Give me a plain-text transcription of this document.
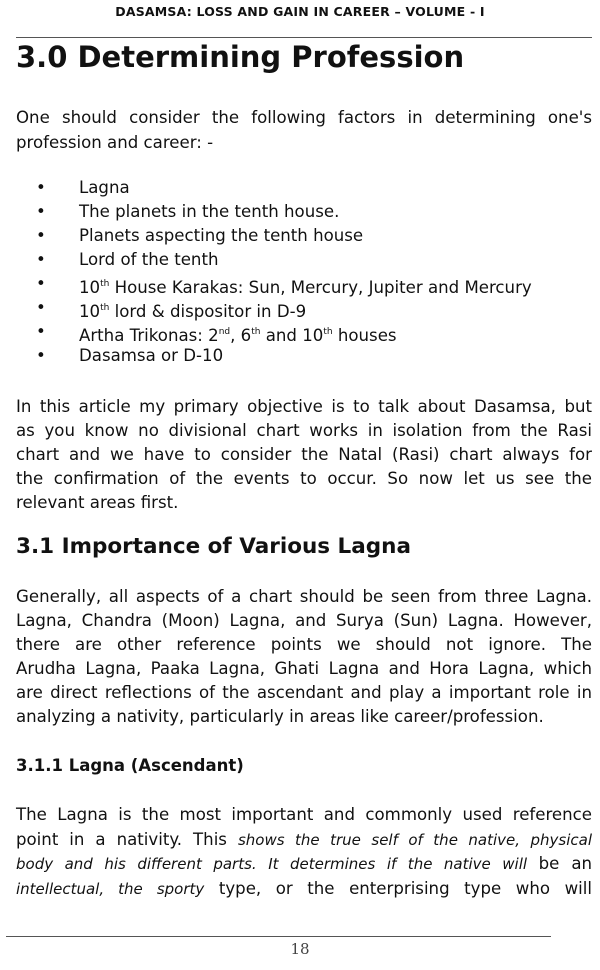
DASAMSA: LOSS AND GAIN IN CAREER – VOLUME - I
3.0 Determining Profession
3.1 Importance of Various Lagna
3.1.1 Lagna (Ascendant)
One should consider the following factors in determining one's
profession and career: -
• Lagna
• The planets in the tenth house.
• Planets aspecting the tenth house
• Lord of the tenth
• 10th House Karakas: Sun, Mercury, Jupiter and Mercury
• 10th lord & dispositor in D-9
• Artha Trikonas: 2nd, 6th and 10th houses
• Dasamsa or D-10
In this article my primary objective is to talk about Dasamsa, but
as you know no divisional chart works in isolation from the Rasi
chart and we have to consider the Natal (Rasi) chart always for
the confirmation of the events to occur. So now let us see the
relevant areas first.
Generally, all aspects of a chart should be seen from three Lagna.
Lagna, Chandra (Moon) Lagna, and Surya (Sun) Lagna. However,
there are other reference points we should not ignore. The
Arudha Lagna, Paaka Lagna, Ghati Lagna and Hora Lagna, which
are direct reflections of the ascendant and play a important role in
analyzing a nativity, particularly in areas like career/profession.
The Lagna is the most important and commonly used reference
point in a nativity. This shows the true self of the native, physical
body and his different parts. It determines if the native will be an
intellectual, the sporty type, or the enterprising type who will
18
